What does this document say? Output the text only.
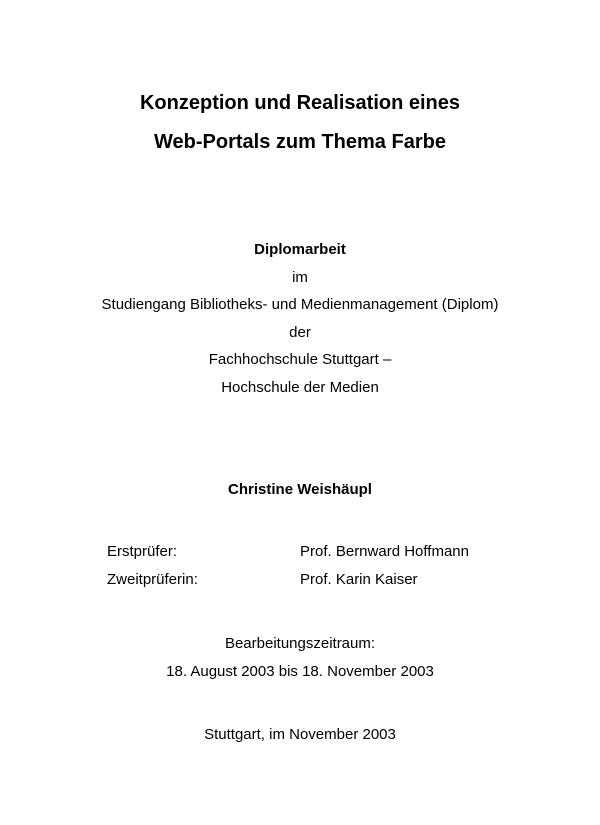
Konzeption und Realisation eines
Web-Portals zum Thema Farbe
Diplomarbeit
im
Studiengang Bibliotheks- und Medienmanagement (Diplom)
der
Fachhochschule Stuttgart –
Hochschule der Medien
Christine Weishäupl
Erstprüfer:	Prof. Bernward Hoffmann
Zweitprüferin:	Prof. Karin Kaiser
Bearbeitungszeitraum:
18. August 2003 bis 18. November 2003
Stuttgart, im November 2003
